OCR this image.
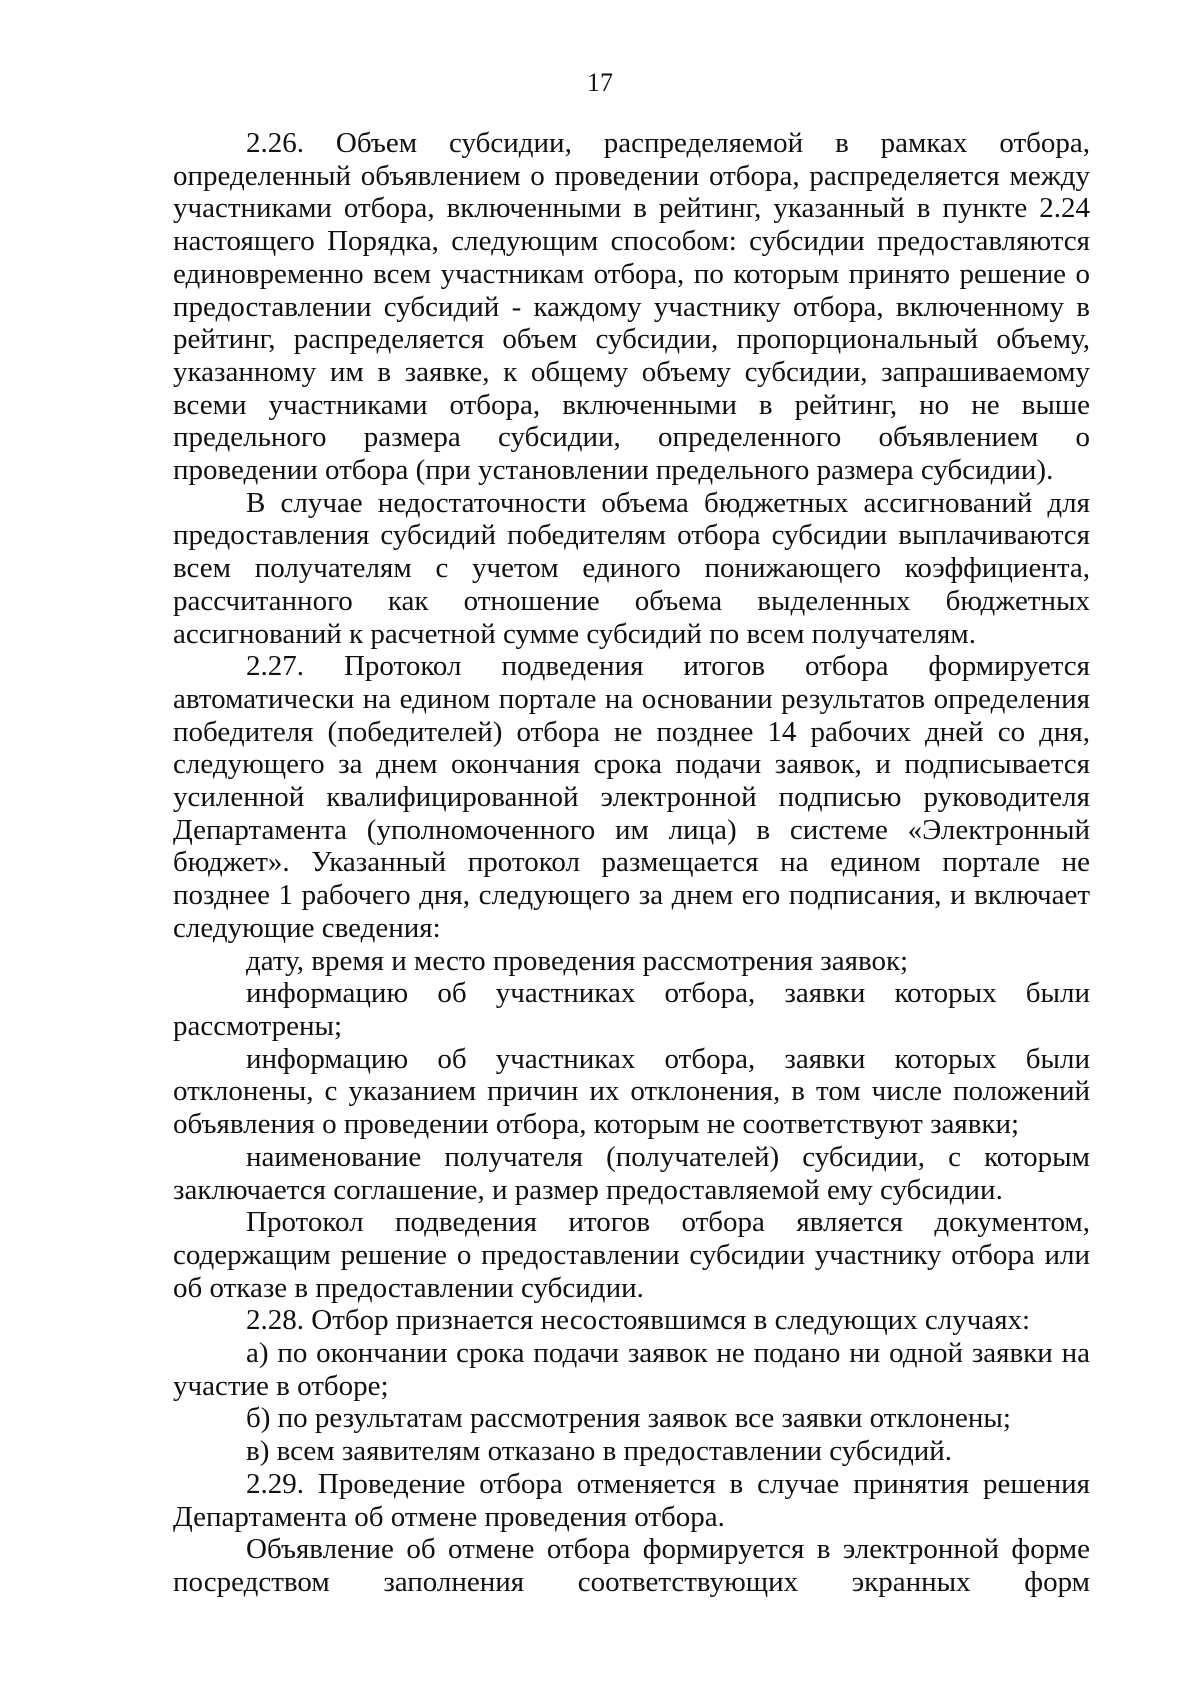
17

2.26. Объем субсидии, распределяемой в рамках отбора, определенный объявлением о проведении отбора, распределяется между участниками отбора, включенными в рейтинг, указанный в пункте 2.24 настоящего Порядка, следующим способом: субсидии предоставляются единовременно всем участникам отбора, по которым принято решение о предоставлении субсидий - каждому участнику отбора, включенному в рейтинг, распределяется объем субсидии, пропорциональный объему, указанному им в заявке, к общему объему субсидии, запрашиваемому всеми участниками отбора, включенными в рейтинг, но не выше предельного размера субсидии, определенного объявлением о проведении отбора (при установлении предельного размера субсидии).

В случае недостаточности объема бюджетных ассигнований для предоставления субсидий победителям отбора субсидии выплачиваются всем получателям с учетом единого понижающего коэффициента, рассчитанного как отношение объема выделенных бюджетных ассигнований к расчетной сумме субсидий по всем получателям.

2.27. Протокол подведения итогов отбора формируется автоматически на едином портале на основании результатов определения победителя (победителей) отбора не позднее 14 рабочих дней со дня, следующего за днем окончания срока подачи заявок, и подписывается усиленной квалифицированной электронной подписью руководителя Департамента (уполномоченного им лица) в системе «Электронный бюджет». Указанный протокол размещается на едином портале не позднее 1 рабочего дня, следующего за днем его подписания, и включает следующие сведения:

дату, время и место проведения рассмотрения заявок;

информацию об участниках отбора, заявки которых были рассмотрены;

информацию об участниках отбора, заявки которых были отклонены, с указанием причин их отклонения, в том числе положений объявления о проведении отбора, которым не соответствуют заявки;

наименование получателя (получателей) субсидии, с которым заключается соглашение, и размер предоставляемой ему субсидии.

Протокол подведения итогов отбора является документом, содержащим решение о предоставлении субсидии участнику отбора или об отказе в предоставлении субсидии.

2.28. Отбор признается несостоявшимся в следующих случаях:

а) по окончании срока подачи заявок не подано ни одной заявки на участие в отборе;

б) по результатам рассмотрения заявок все заявки отклонены;

в) всем заявителям отказано в предоставлении субсидий.

2.29. Проведение отбора отменяется в случае принятия решения Департамента об отмене проведения отбора.

Объявление об отмене отбора формируется в электронной форме посредством заполнения соответствующих экранных форм
